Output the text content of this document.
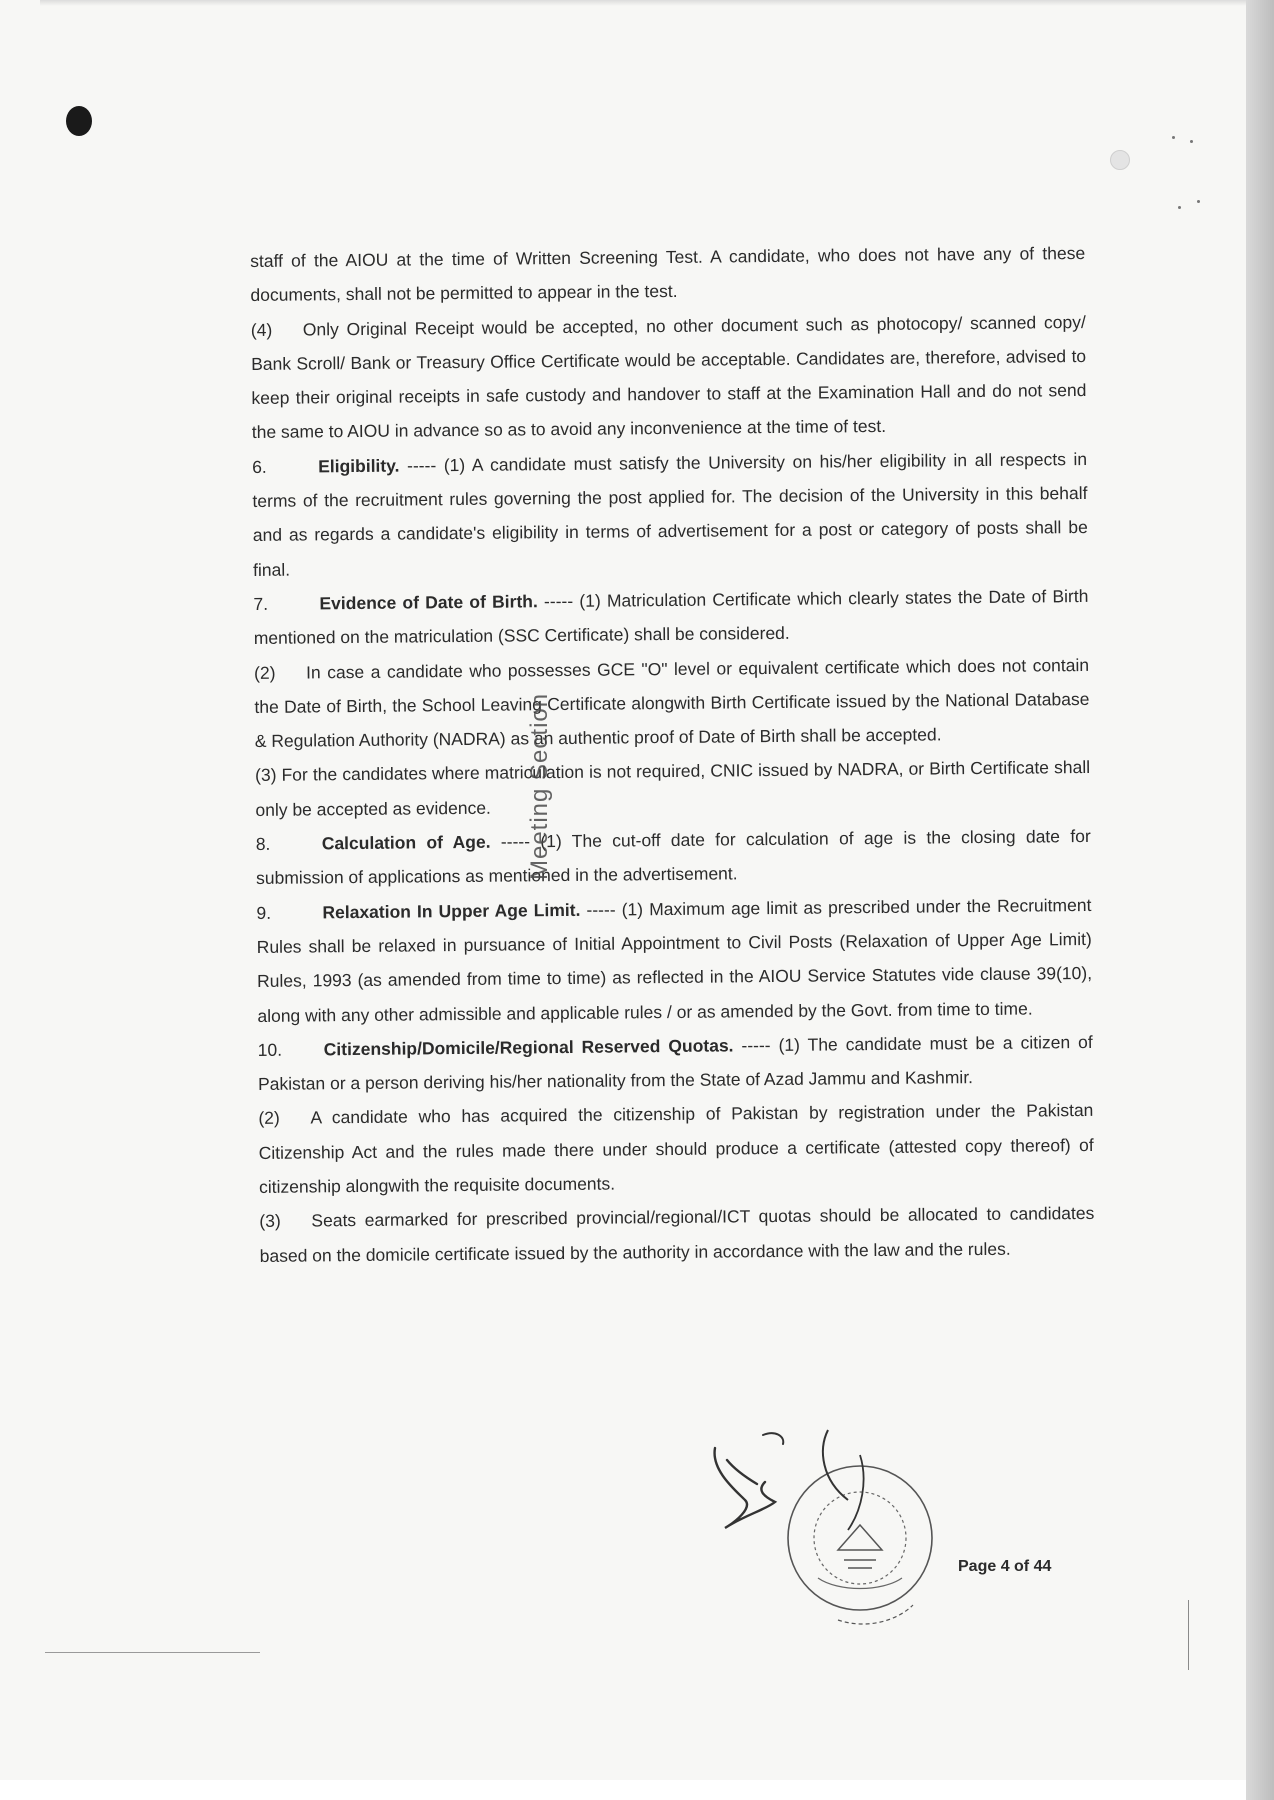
staff of the AIOU at the time of Written Screening Test. A candidate, who does not have any of these documents, shall not be permitted to appear in the test.

(4) Only Original Receipt would be accepted, no other document such as photocopy/ scanned copy/ Bank Scroll/ Bank or Treasury Office Certificate would be acceptable. Candidates are, therefore, advised to keep their original receipts in safe custody and handover to staff at the Examination Hall and do not send the same to AIOU in advance so as to avoid any inconvenience at the time of test.

6.	Eligibility. ----- (1) A candidate must satisfy the University on his/her eligibility in all respects in terms of the recruitment rules governing the post applied for. The decision of the University in this behalf and as regards a candidate's eligibility in terms of advertisement for a post or category of posts shall be final.

7.	Evidence of Date of Birth. ----- (1) Matriculation Certificate which clearly states the Date of Birth mentioned on the matriculation (SSC Certificate) shall be considered.

(2) In case a candidate who possesses GCE "O" level or equivalent certificate which does not contain the Date of Birth, the School Leaving Certificate alongwith Birth Certificate issued by the National Database & Regulation Authority (NADRA) as an authentic proof of Date of Birth shall be accepted.

(3) For the candidates where matriculation is not required, CNIC issued by NADRA, or Birth Certificate shall only be accepted as evidence.

8.	Calculation of Age. ----- (1) The cut-off date for calculation of age is the closing date for submission of applications as mentioned in the advertisement.

9.	Relaxation In Upper Age Limit. ----- (1) Maximum age limit as prescribed under the Recruitment Rules shall be relaxed in pursuance of Initial Appointment to Civil Posts (Relaxation of Upper Age Limit) Rules, 1993 (as amended from time to time) as reflected in the AIOU Service Statutes vide clause 39(10), along with any other admissible and applicable rules / or as amended by the Govt. from time to time.

10. Citizenship/Domicile/Regional Reserved Quotas. ----- (1) The candidate must be a citizen of Pakistan or a person deriving his/her nationality from the State of Azad Jammu and Kashmir.

(2) A candidate who has acquired the citizenship of Pakistan by registration under the Pakistan Citizenship Act and the rules made there under should produce a certificate (attested copy thereof) of citizenship alongwith the requisite documents.

(3) Seats earmarked for prescribed provincial/regional/ICT quotas should be allocated to candidates based on the domicile certificate issued by the authority in accordance with the law and the rules.

Meeting Section
Page 4 of 44
